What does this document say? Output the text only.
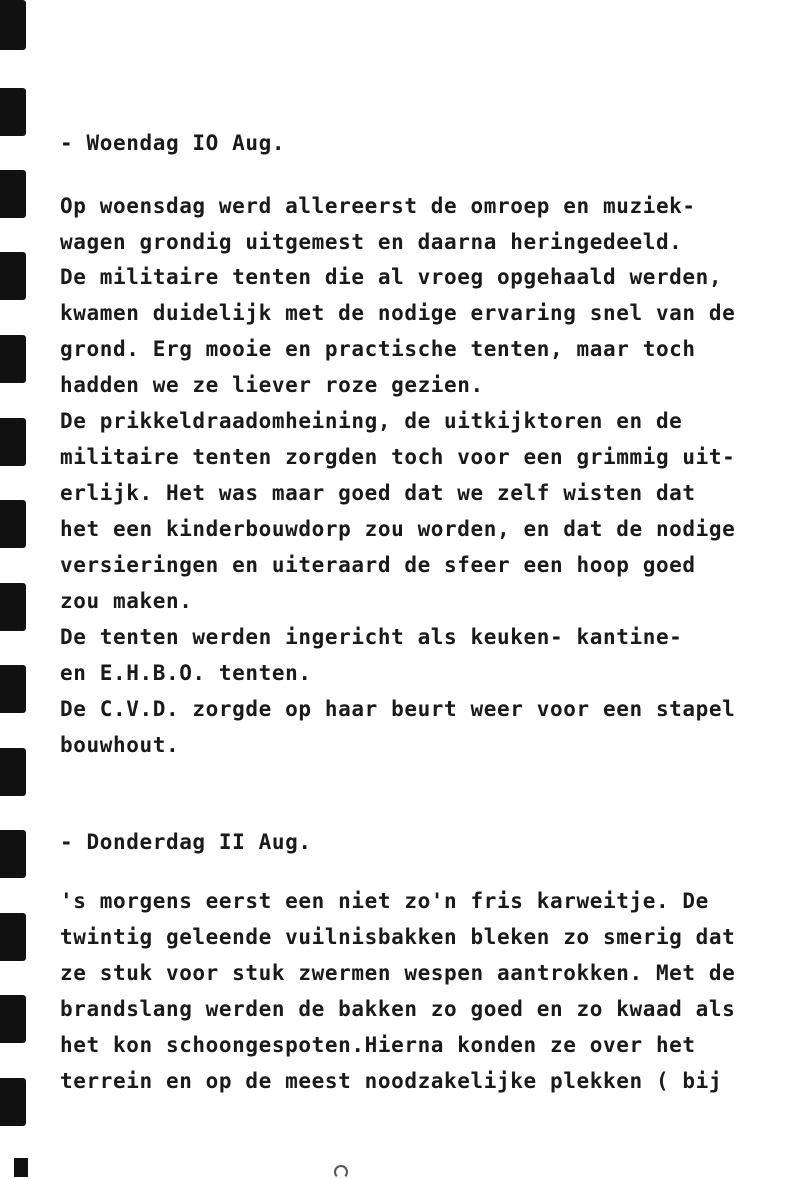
- Woendag IO Aug.
Op woensdag werd allereerst de omroep en muziek-
wagen grondig uitgemest en daarna heringedeeld.
De militaire tenten die al vroeg opgehaald werden,
kwamen duidelijk met de nodige ervaring snel van de
grond. Erg mooie en practische tenten, maar toch
hadden we ze liever roze gezien.
De prikkeldraadomheining, de uitkijktoren en de
militaire tenten zorgden toch voor een grimmig uit-
erlijk. Het was maar goed dat we zelf wisten dat
het een kinderbouwdorp zou worden, en dat de nodige
versieringen en uiteraard de sfeer een hoop goed
zou maken.
De tenten werden ingericht als keuken- kantine-
en E.H.B.O. tenten.
De C.V.D. zorgde op haar beurt weer voor een stapel
bouwhout.
- Donderdag II Aug.
's morgens eerst een niet zo'n fris karweitje. De
twintig geleende vuilnisbakken bleken zo smerig dat
ze stuk voor stuk zwermen wespen aantrokken. Met de
brandslang werden de bakken zo goed en zo kwaad als
het kon schoongespoten.Hierna konden ze over het
terrein en op de meest noodzakelijke plekken ( bij
